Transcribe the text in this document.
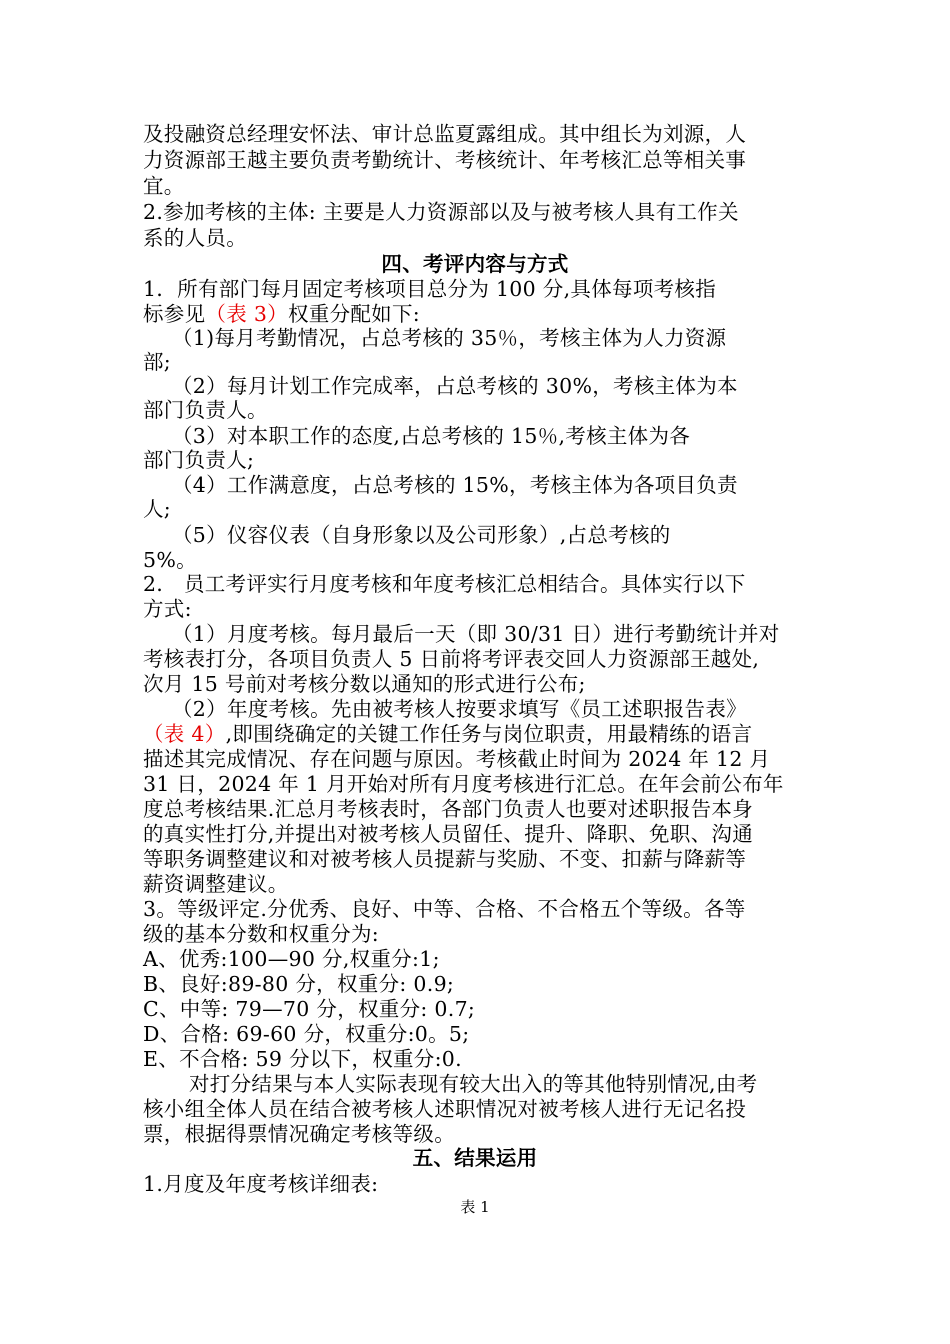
及投融资总经理安怀法、审计总监夏露组成。其中组长为刘源，人
力资源部王越主要负责考勤统计、考核统计、年考核汇总等相关事
宜。
2.参加考核的主体: 主要是人力资源部以及与被考核人具有工作关
系的人员。
四、考评内容与方式
1．所有部门每月固定考核项目总分为 100 分,具体每项考核指
标参见（表 3）权重分配如下:
（1)每月考勤情况，占总考核的 35％，考核主体为人力资源
部;
（2）每月计划工作完成率，占总考核的 30%，考核主体为本
部门负责人。
（3）对本职工作的态度,占总考核的 15％,考核主体为各
部门负责人;
（4）工作满意度，占总考核的 15%，考核主体为各项目负责
人;
（5）仪容仪表（自身形象以及公司形象）,占总考核的
5%。
2． 员工考评实行月度考核和年度考核汇总相结合。具体实行以下
方式:
（1）月度考核。每月最后一天（即 30/31 日）进行考勤统计并对
考核表打分，各项目负责人 5 日前将考评表交回人力资源部王越处,
次月 15 号前对考核分数以通知的形式进行公布;
（2）年度考核。先由被考核人按要求填写《员工述职报告表》
（表 4）,即围绕确定的关键工作任务与岗位职责，用最精练的语言
描述其完成情况、存在问题与原因。考核截止时间为 2024 年 12 月
31 日，2024 年 1 月开始对所有月度考核进行汇总。在年会前公布年
度总考核结果.汇总月考核表时，各部门负责人也要对述职报告本身
的真实性打分,并提出对被考核人员留任、提升、降职、免职、沟通
等职务调整建议和对被考核人员提薪与奖励、不变、扣薪与降薪等
薪资调整建议。
3。等级评定.分优秀、良好、中等、合格、不合格五个等级。各等
级的基本分数和权重分为:
A、优秀:100—90 分,权重分:1;
B、良好:89-80 分，权重分: 0.9;
C、中等: 79—70 分，权重分: 0.7;
D、合格: 69-60 分，权重分:0。5;
E、不合格: 59 分以下，权重分:0.
对打分结果与本人实际表现有较大出入的等其他特别情况,由考
核小组全体人员在结合被考核人述职情况对被考核人进行无记名投
票，根据得票情况确定考核等级。
五、结果运用
1.月度及年度考核详细表:
表 1
